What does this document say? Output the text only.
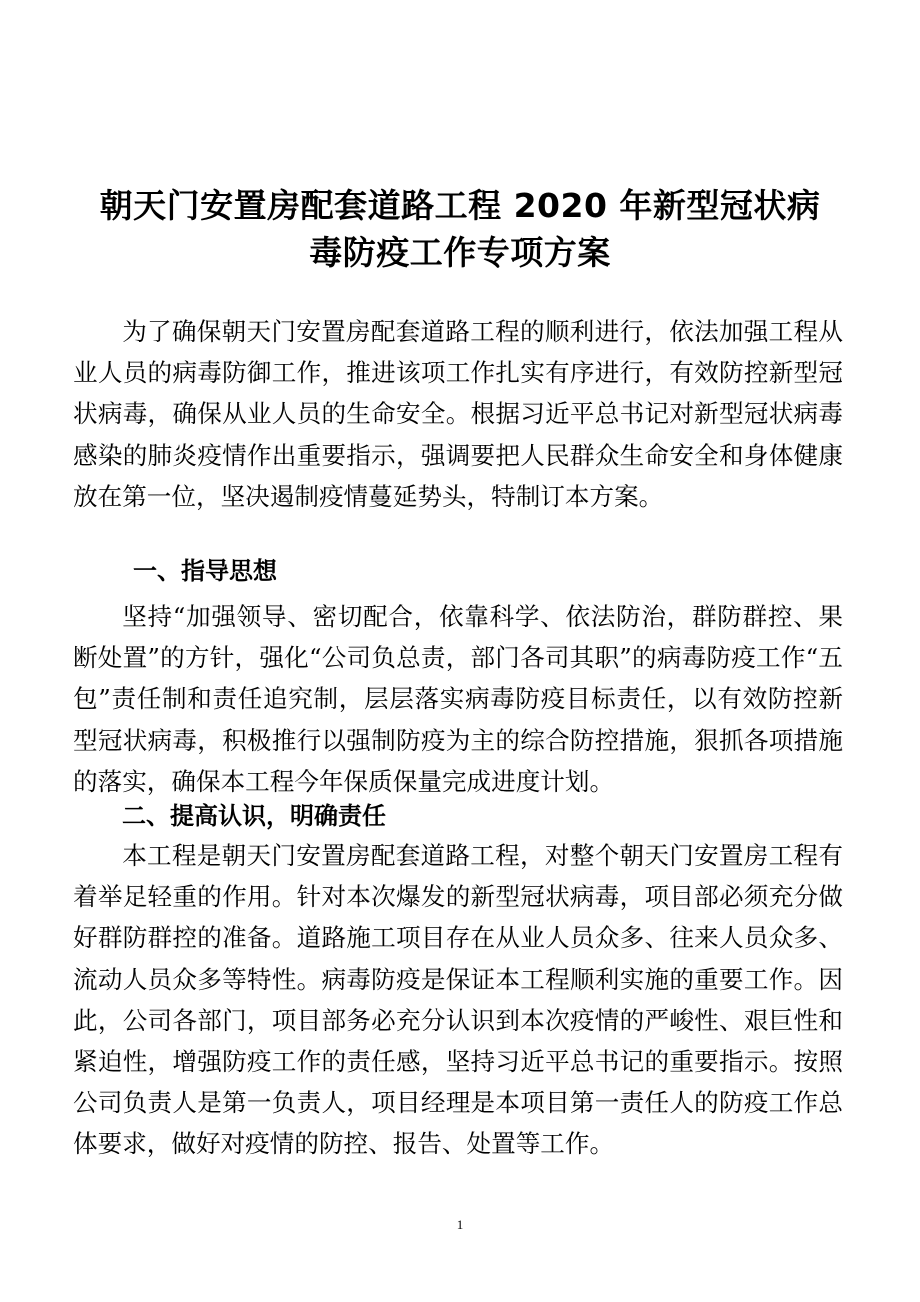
朝天门安置房配套道路工程 2020 年新型冠状病
毒防疫工作专项方案

为了确保朝天门安置房配套道路工程的顺利进行，依法加强工程从业人员的病毒防御工作，推进该项工作扎实有序进行，有效防控新型冠状病毒，确保从业人员的生命安全。根据习近平总书记对新型冠状病毒感染的肺炎疫情作出重要指示，强调要把人民群众生命安全和身体健康放在第一位，坚决遏制疫情蔓延势头，特制订本方案。

一、指导思想

坚持“加强领导、密切配合，依靠科学、依法防治，群防群控、果断处置”的方针，强化“公司负总责，部门各司其职”的病毒防疫工作“五包”责任制和责任追究制，层层落实病毒防疫目标责任，以有效防控新型冠状病毒，积极推行以强制防疫为主的综合防控措施，狠抓各项措施的落实，确保本工程今年保质保量完成进度计划。

二、提高认识，明确责任

本工程是朝天门安置房配套道路工程，对整个朝天门安置房工程有着举足轻重的作用。针对本次爆发的新型冠状病毒，项目部必须充分做好群防群控的准备。道路施工项目存在从业人员众多、往来人员众多、流动人员众多等特性。病毒防疫是保证本工程顺利实施的重要工作。因此，公司各部门，项目部务必充分认识到本次疫情的严峻性、艰巨性和紧迫性，增强防疫工作的责任感，坚持习近平总书记的重要指示。按照公司负责人是第一负责人，项目经理是本项目第一责任人的防疫工作总体要求，做好对疫情的防控、报告、处置等工作。

1
